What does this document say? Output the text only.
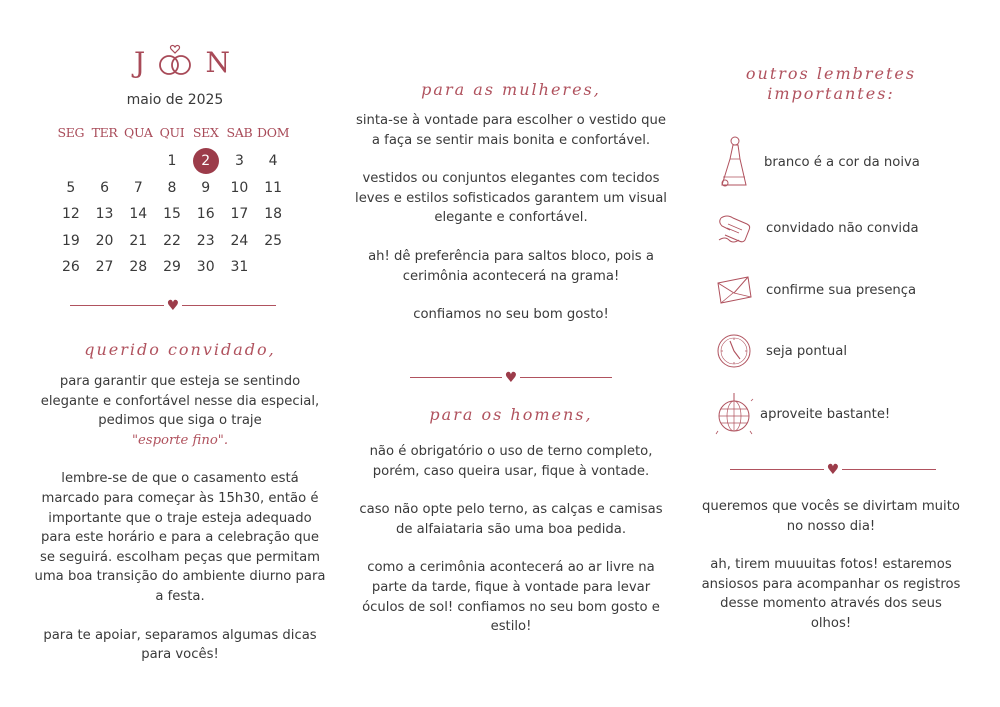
J N
maio de 2025
SEG TER QUA QUI SEX SAB DOM
1	2	3 4
5 6 7 8 9 10 11
12 13 14 15 16 17 18
19 20 21 22 23 24 25
26 27 28 29 30 31
♥
querido convidado,

para garantir que esteja se sentindo elegante e confortável nesse dia especial, pedimos que siga o traje
"esporte fino".

lembre-se de que o casamento está marcado para começar às 15h30, então é importante que o traje esteja adequado para este horário e para a celebração que se seguirá. escolham peças que permitam uma boa transição do ambiente diurno para a festa.

para te apoiar, separamos algumas dicas para vocês!

para as mulheres,

sinta-se à vontade para escolher o vestido que a faça se sentir mais bonita e confortável.

vestidos ou conjuntos elegantes com tecidos leves e estilos sofisticados garantem um visual elegante e confortável.

ah! dê preferência para saltos bloco, pois a cerimônia acontecerá na grama!

confiamos no seu bom gosto!

♥
para os homens,

não é obrigatório o uso de terno completo, porém, caso queira usar, fique à vontade.

caso não opte pelo terno, as calças e camisas de alfaiataria são uma boa pedida.

como a cerimônia acontecerá ao ar livre na parte da tarde, fique à vontade para levar óculos de sol! confiamos no seu bom gosto e estilo!

outros lembretes
importantes:
branco é a cor da noiva
convidado não convida
confirme sua presença
seja pontual
aproveite bastante!
♥

queremos que vocês se divirtam muito no nosso dia!

ah, tirem muuuitas fotos! estaremos ansiosos para acompanhar os registros desse momento através dos seus olhos!
